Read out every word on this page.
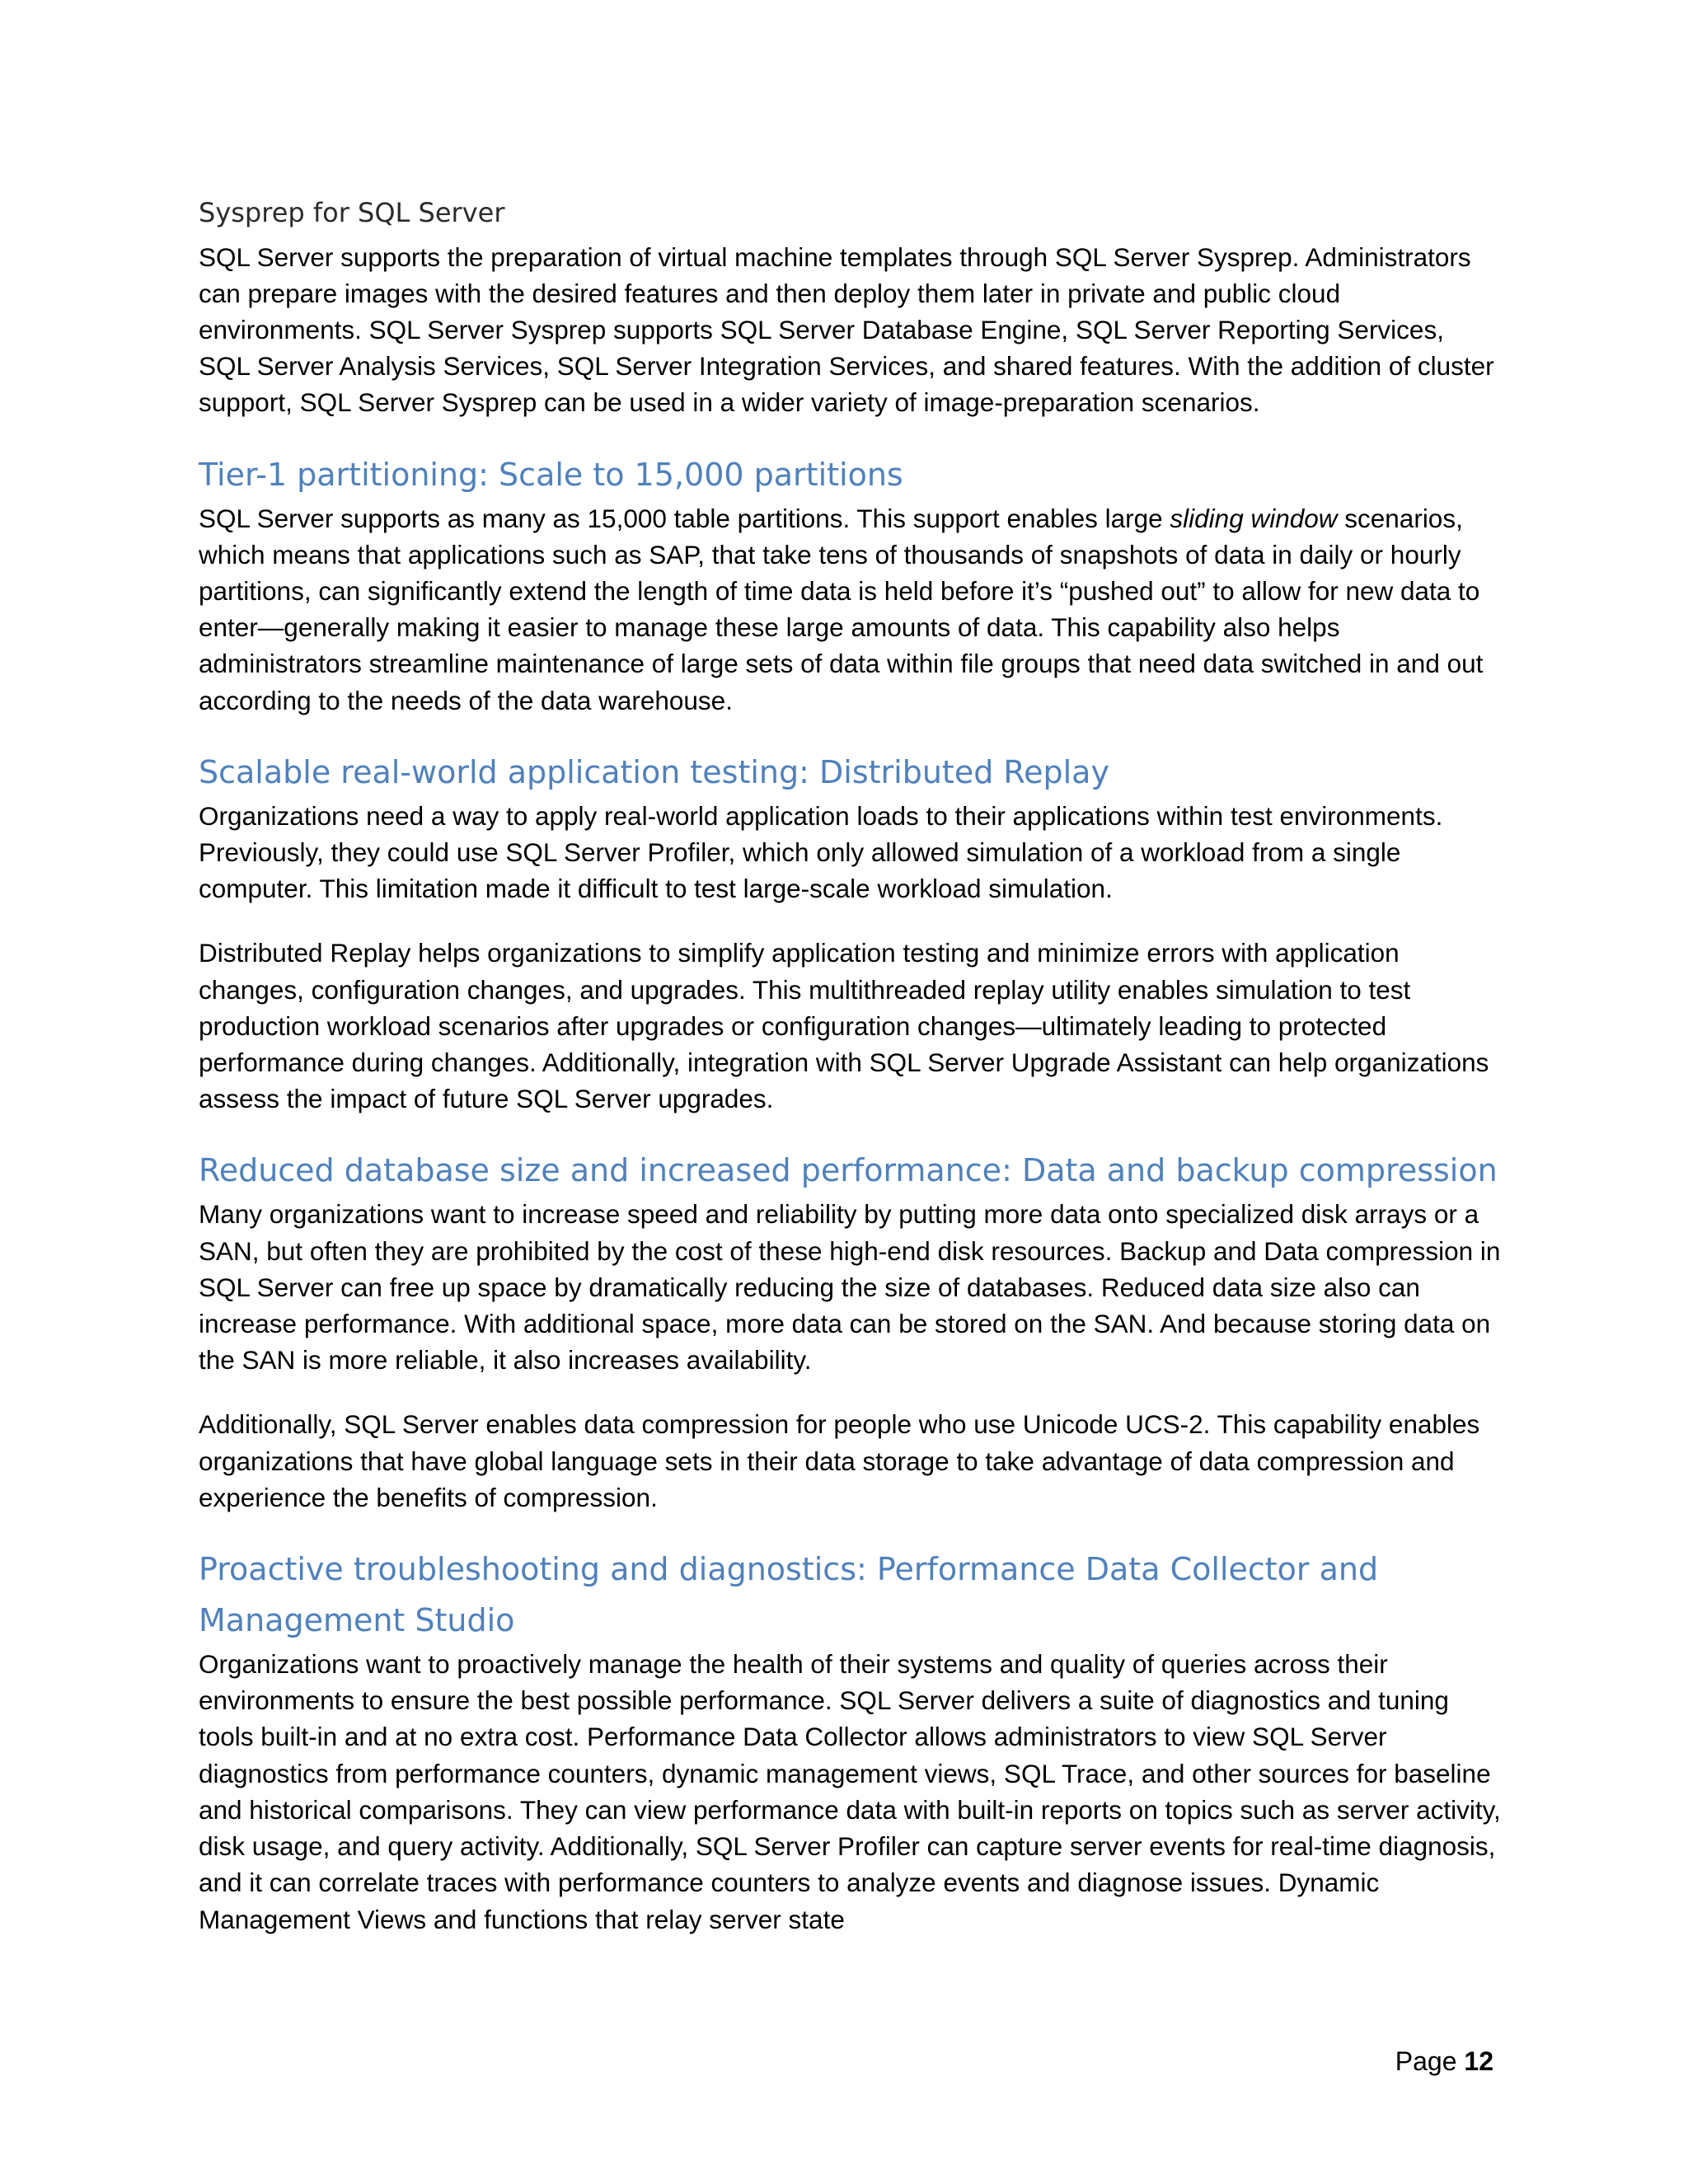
Sysprep for SQL Server

SQL Server supports the preparation of virtual machine templates through SQL Server Sysprep. Administrators can prepare images with the desired features and then deploy them later in private and public cloud environments. SQL Server Sysprep supports SQL Server Database Engine, SQL Server Reporting Services, SQL Server Analysis Services, SQL Server Integration Services, and shared features. With the addition of cluster support, SQL Server Sysprep can be used in a wider variety of image-preparation scenarios.

Tier-1 partitioning: Scale to 15,000 partitions

SQL Server supports as many as 15,000 table partitions. This support enables large sliding window scenarios, which means that applications such as SAP, that take tens of thousands of snapshots of data in daily or hourly partitions, can significantly extend the length of time data is held before it’s “pushed out” to allow for new data to enter—generally making it easier to manage these large amounts of data. This capability also helps administrators streamline maintenance of large sets of data within file groups that need data switched in and out according to the needs of the data warehouse.

Scalable real-world application testing: Distributed Replay

Organizations need a way to apply real-world application loads to their applications within test environments. Previously, they could use SQL Server Profiler, which only allowed simulation of a workload from a single computer. This limitation made it difficult to test large-scale workload simulation.

Distributed Replay helps organizations to simplify application testing and minimize errors with application changes, configuration changes, and upgrades. This multithreaded replay utility enables simulation to test production workload scenarios after upgrades or configuration changes—ultimately leading to protected performance during changes. Additionally, integration with SQL Server Upgrade Assistant can help organizations assess the impact of future SQL Server upgrades.

Reduced database size and increased performance: Data and backup compression

Many organizations want to increase speed and reliability by putting more data onto specialized disk arrays or a SAN, but often they are prohibited by the cost of these high-end disk resources. Backup and Data compression in SQL Server can free up space by dramatically reducing the size of databases. Reduced data size also can increase performance. With additional space, more data can be stored on the SAN. And because storing data on the SAN is more reliable, it also increases availability.

Additionally, SQL Server enables data compression for people who use Unicode UCS-2. This capability enables organizations that have global language sets in their data storage to take advantage of data compression and experience the benefits of compression.

Proactive troubleshooting and diagnostics: Performance Data Collector and Management Studio

Organizations want to proactively manage the health of their systems and quality of queries across their environments to ensure the best possible performance. SQL Server delivers a suite of diagnostics and tuning tools built-in and at no extra cost. Performance Data Collector allows administrators to view SQL Server diagnostics from performance counters, dynamic management views, SQL Trace, and other sources for baseline and historical comparisons. They can view performance data with built-in reports on topics such as server activity, disk usage, and query activity. Additionally, SQL Server Profiler can capture server events for real-time diagnosis, and it can correlate traces with performance counters to analyze events and diagnose issues. Dynamic Management Views and functions that relay server state

Page 12
